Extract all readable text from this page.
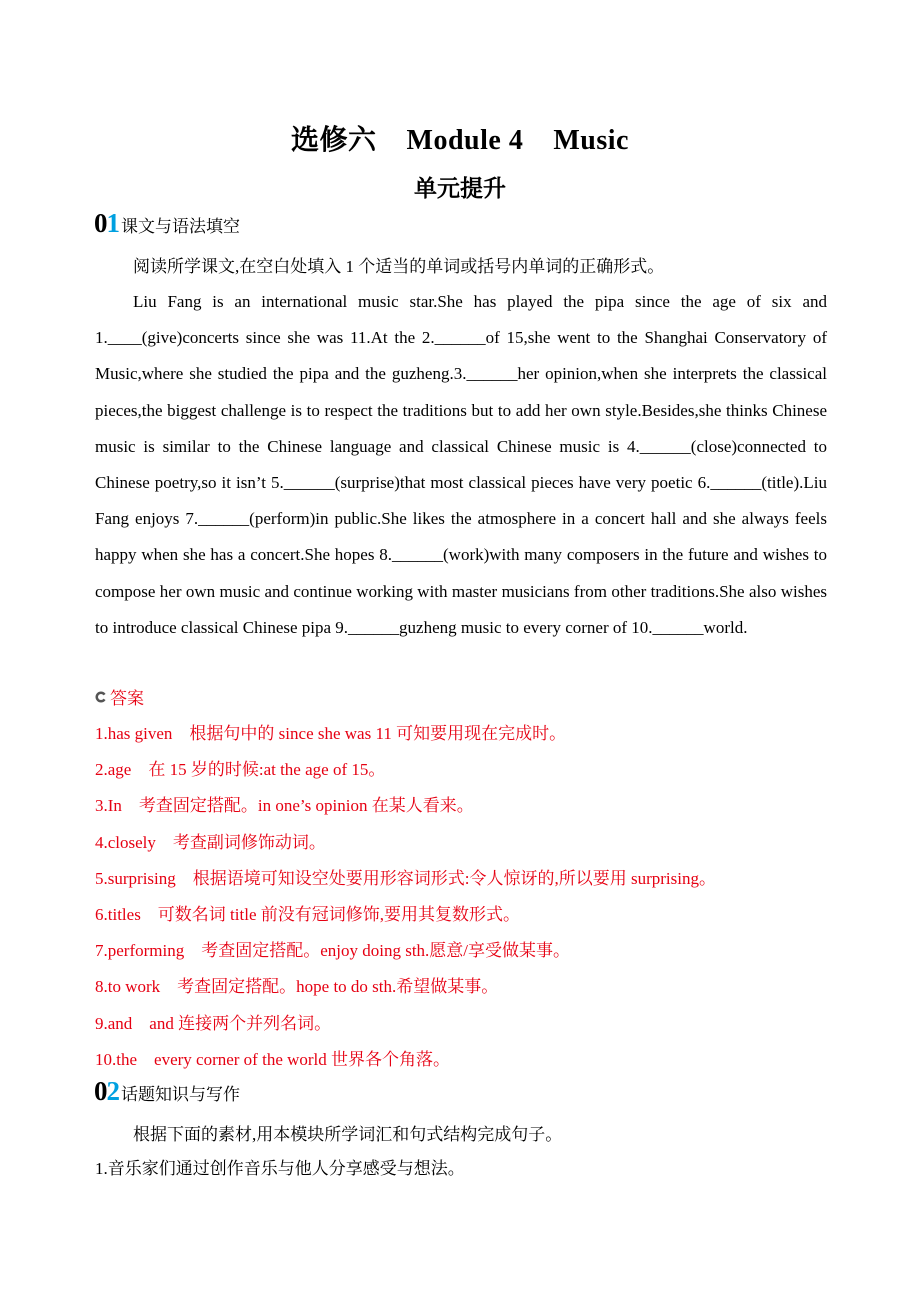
选修六    Module 4    Music
单元提升
01 课文与语法填空
阅读所学课文,在空白处填入 1 个适当的单词或括号内单词的正确形式。
Liu Fang is an international music star.She has played the pipa since the age of six and 1.____(give)concerts since she was 11.At the 2.______of 15,she went to the Shanghai Conservatory of Music,where she studied the pipa and the guzheng.3.______her opinion,when she interprets the classical pieces,the biggest challenge is to respect the traditions but to add her own style.Besides,she thinks Chinese music is similar to the Chinese language and classical Chinese music is 4.______(close)connected to Chinese poetry,so it isn’t 5.______(surprise)that most classical pieces have very poetic 6.______(title).Liu Fang enjoys 7.______(perform)in public.She likes the atmosphere in a concert hall and she always feels happy when she has a concert.She hopes 8.______(work)with many composers in the future and wishes to compose her own music and continue working with master musicians from other traditions.She also wishes to introduce classical Chinese pipa 9.______guzheng music to every corner of 10.______world.
答案
1.has given    根据句中的 since she was 11 可知要用现在完成时。
2.age    在 15 岁的时候:at the age of 15。
3.In    考查固定搭配。in one’s opinion 在某人看来。
4.closely    考查副词修饰动词。
5.surprising    根据语境可知设空处要用形容词形式:令人惊讶的,所以要用 surprising。
6.titles    可数名词 title 前没有冠词修饰,要用其复数形式。
7.performing    考查固定搭配。enjoy doing sth.愿意/享受做某事。
8.to work    考查固定搭配。hope to do sth.希望做某事。
9.and    and 连接两个并列名词。
10.the    every corner of the world 世界各个角落。
02 话题知识与写作
根据下面的素材,用本模块所学词汇和句式结构完成句子。
1.音乐家们通过创作音乐与他人分享感受与想法。
